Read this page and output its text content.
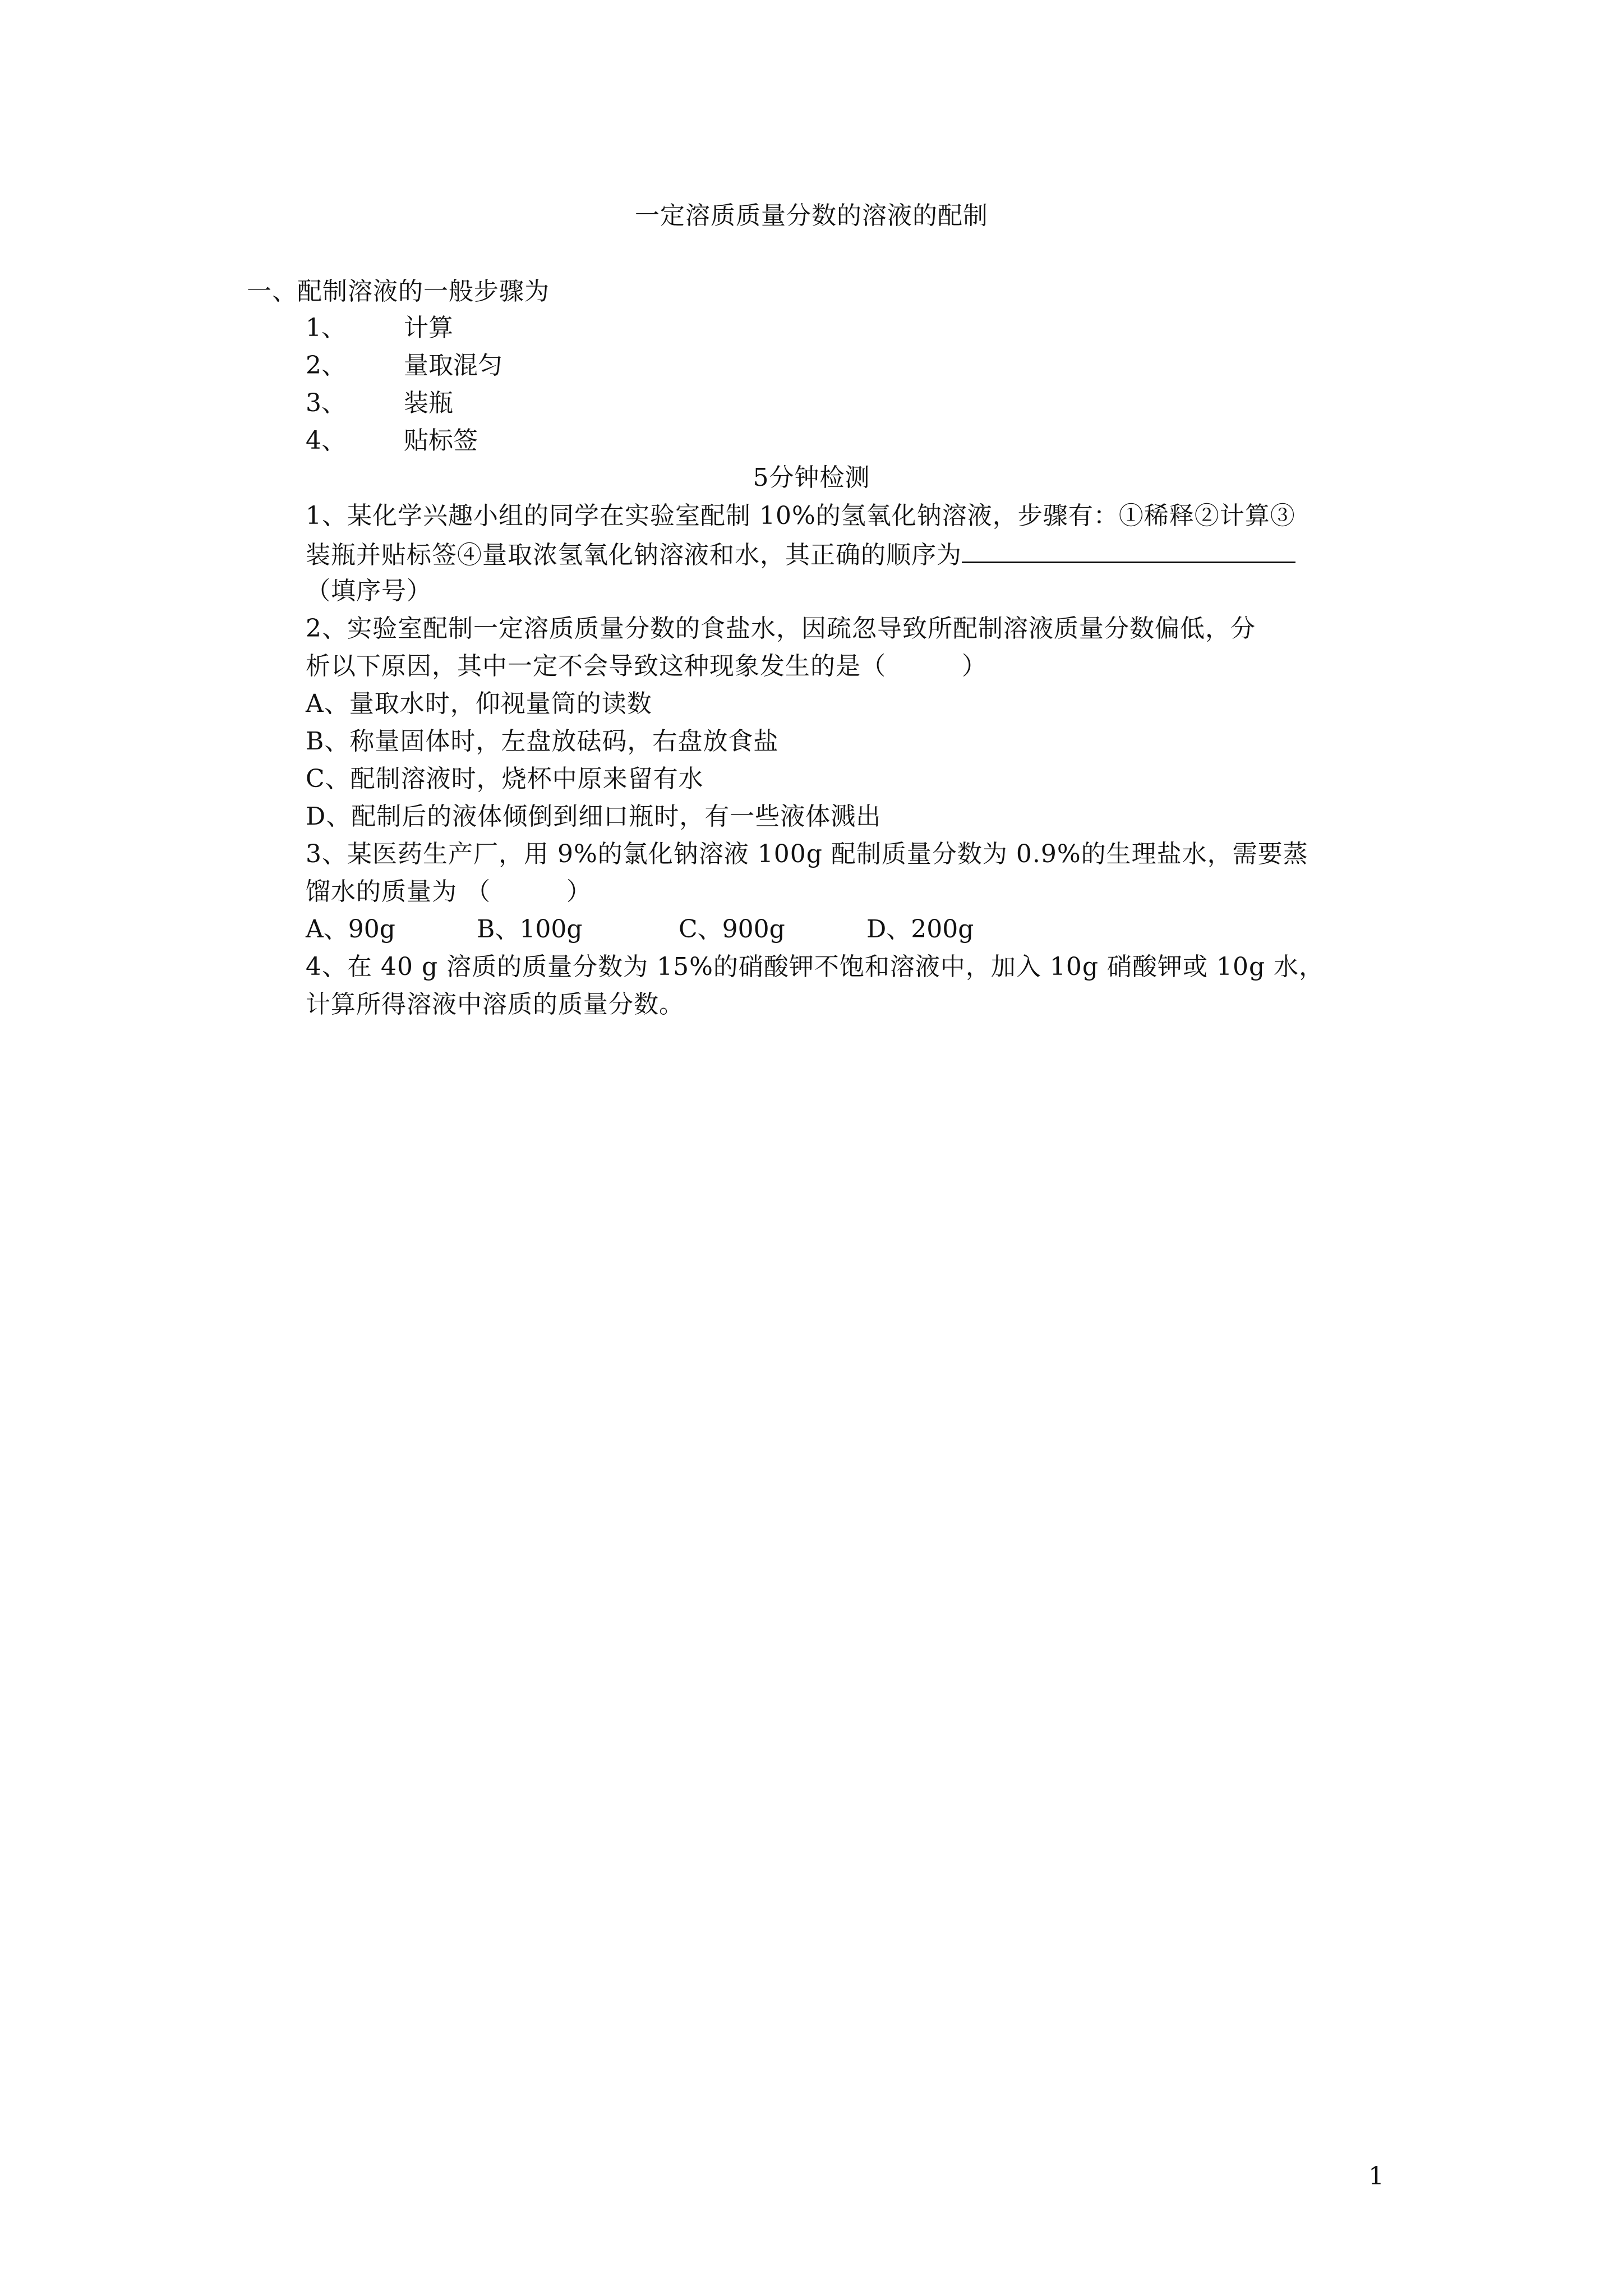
一定溶质质量分数的溶液的配制
一、配制溶液的一般步骤为
1、 计算
2、 量取混匀
3、 装瓶
4、 贴标签
5分钟检测
1、某化学兴趣小组的同学在实验室配制 10%的氢氧化钠溶液，步骤有：①稀释②计算③
装瓶并贴标签④量取浓氢氧化钠溶液和水，其正确的顺序为
（填序号）
2、实验室配制一定溶质质量分数的食盐水，因疏忽导致所配制溶液质量分数偏低，分
析以下原因，其中一定不会导致这种现象发生的是（　　　）
A、量取水时，仰视量筒的读数
B、称量固体时，左盘放砝码，右盘放食盐
C、配制溶液时，烧杯中原来留有水
D、配制后的液体倾倒到细口瓶时，有一些液体溅出
3、某医药生产厂，用 9%的氯化钠溶液 100g 配制质量分数为 0.9%的生理盐水，需要蒸
馏水的质量为 （　　　）
A、90g	B、100g	C、900g	D、200g
4、在 40 g 溶质的质量分数为 15%的硝酸钾不饱和溶液中，加入 10g 硝酸钾或 10g 水，
计算所得溶液中溶质的质量分数。
1
